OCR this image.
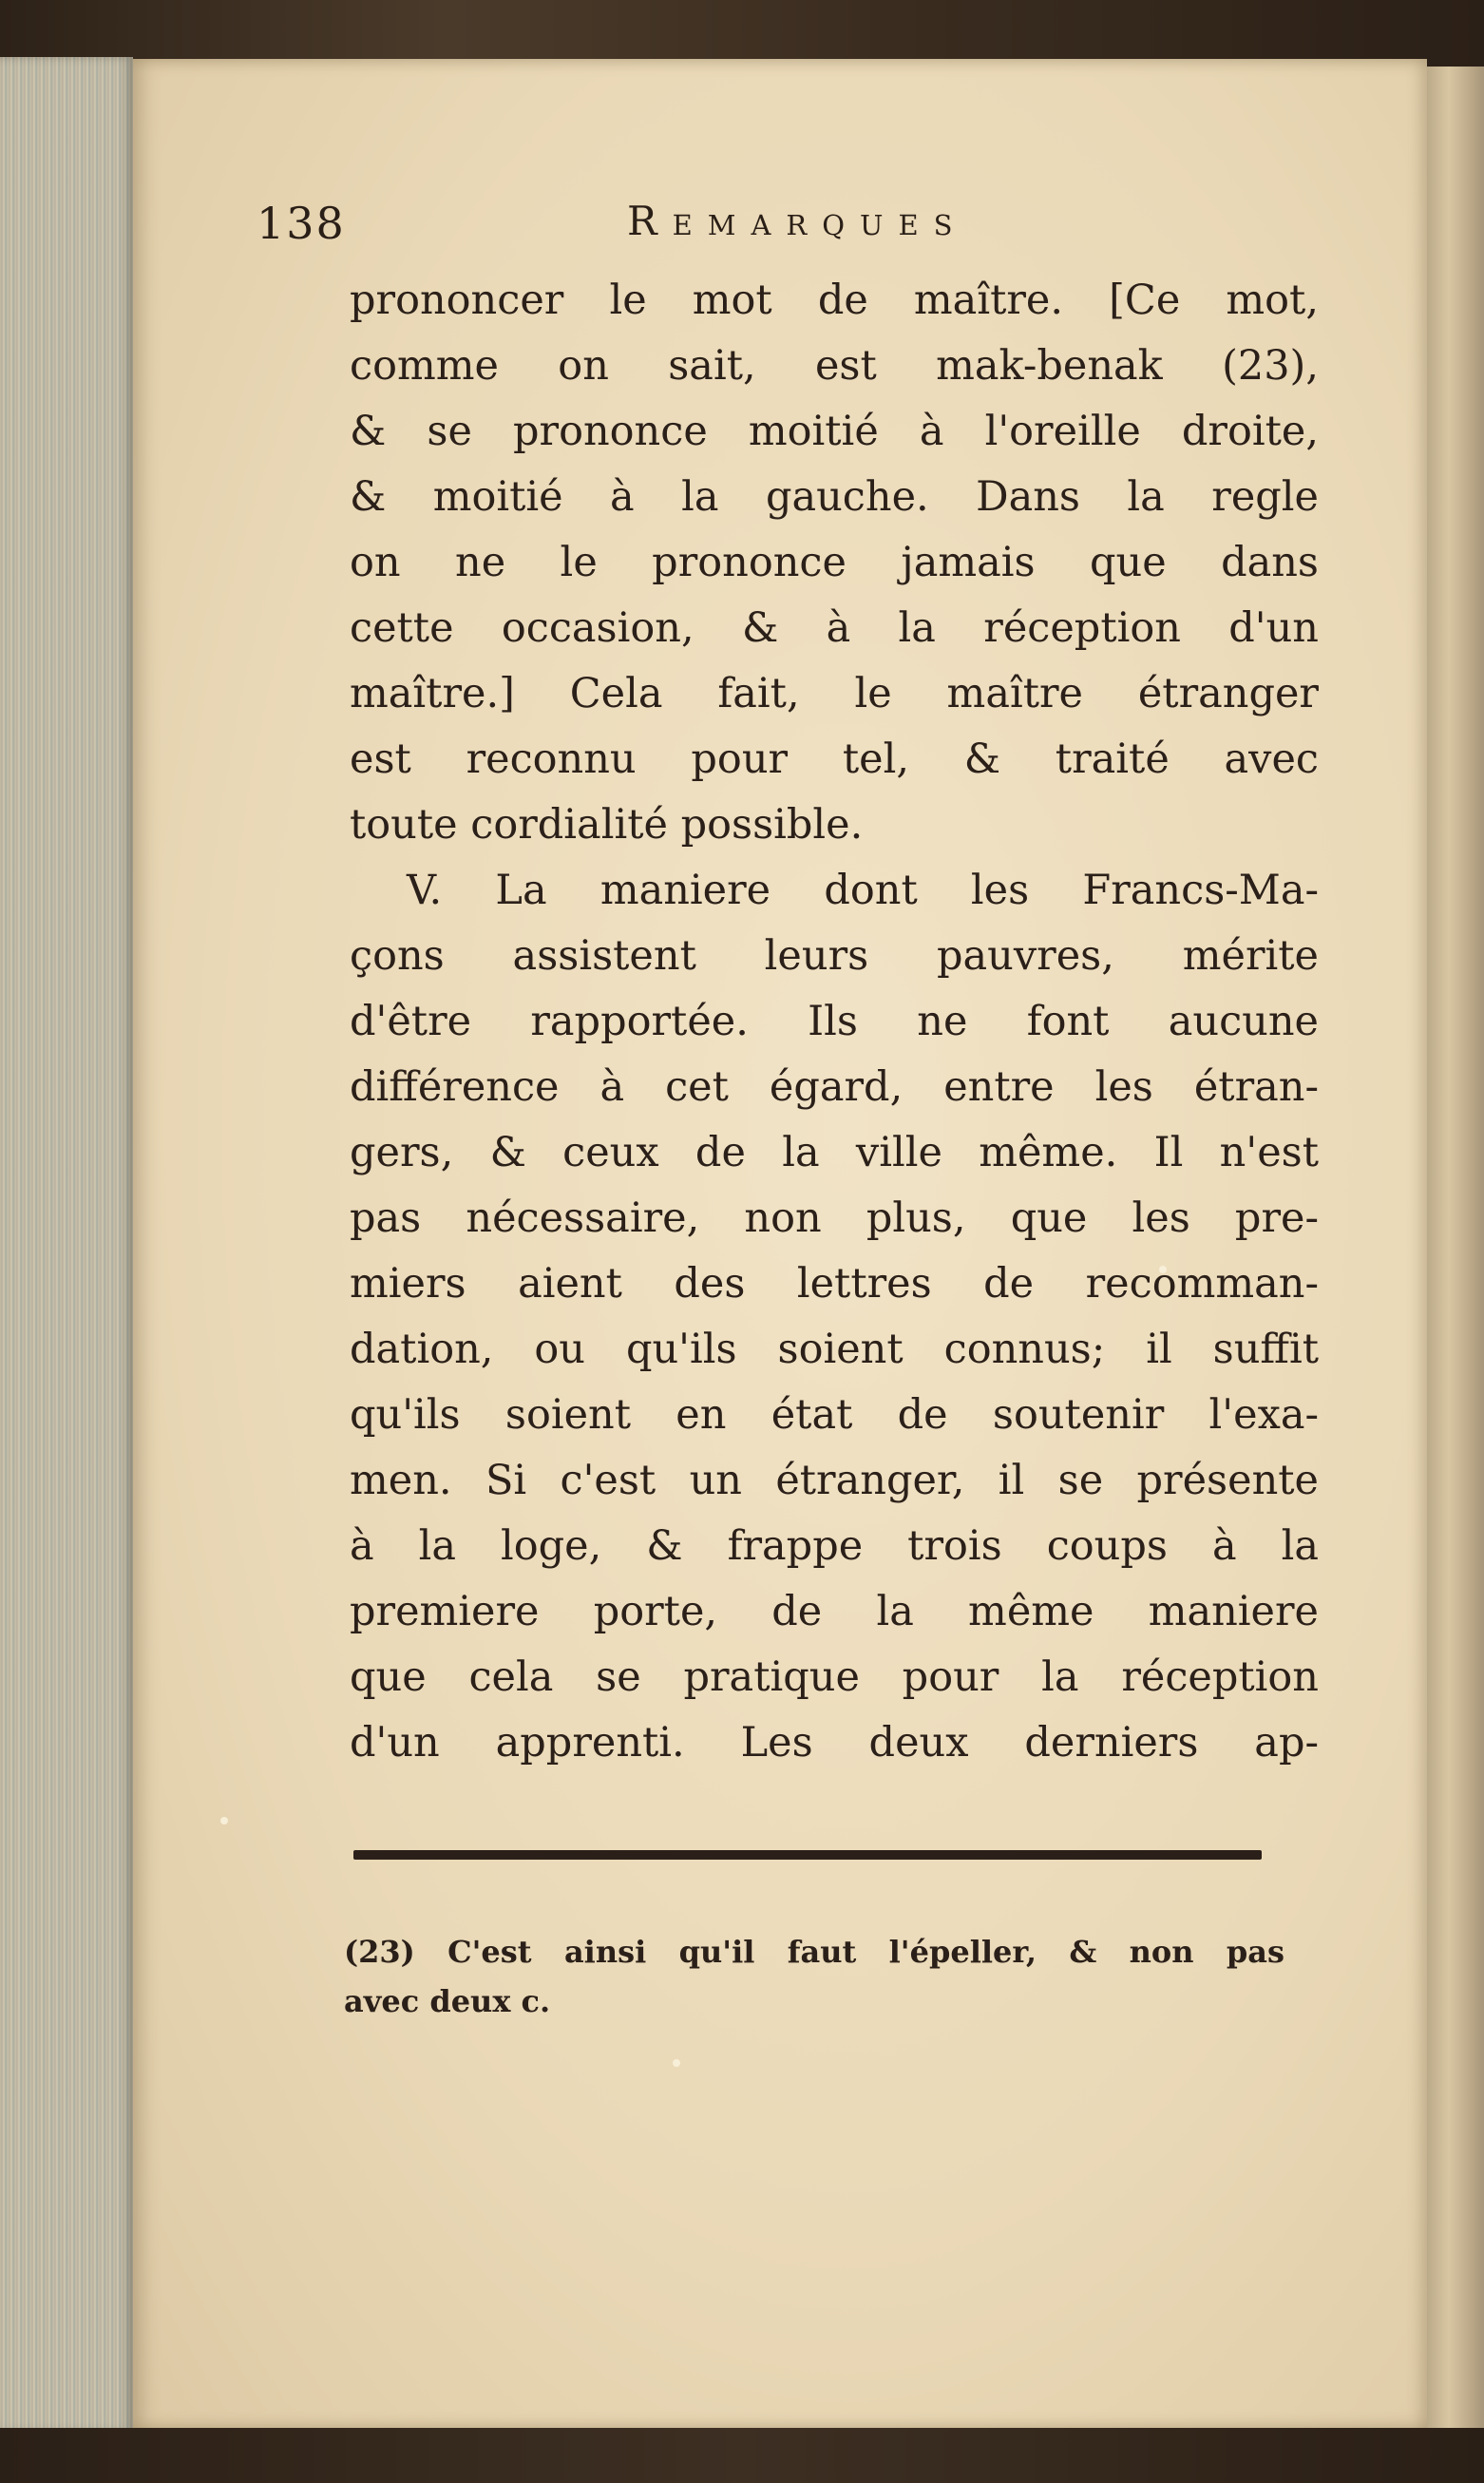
138	Remarques
prononcer le mot de maître. [Ce mot,
comme on sait, est mak-benak (23),
& se prononce moitié à l'oreille droite,
& moitié à la gauche. Dans la regle
on ne le prononce jamais que dans
cette occasion, & à la réception d'un
maître.] Cela fait, le maître étranger
est reconnu pour tel, & traité avec
toute cordialité possible.
V. La maniere dont les Francs-Ma-
çons assistent leurs pauvres, mérite
d'être rapportée. Ils ne font aucune
différence à cet égard, entre les étran-
gers, & ceux de la ville même. Il n'est
pas nécessaire, non plus, que les pre-
miers aient des lettres de recomman-
dation, ou qu'ils soient connus; il suffit
qu'ils soient en état de soutenir l'exa-
men. Si c'est un étranger, il se présente
à la loge, & frappe trois coups à la
premiere porte, de la même maniere
que cela se pratique pour la réception
d'un apprenti. Les deux derniers ap-
(23) C'est ainsi qu'il faut l'épeller, & non pas
avec deux c.
